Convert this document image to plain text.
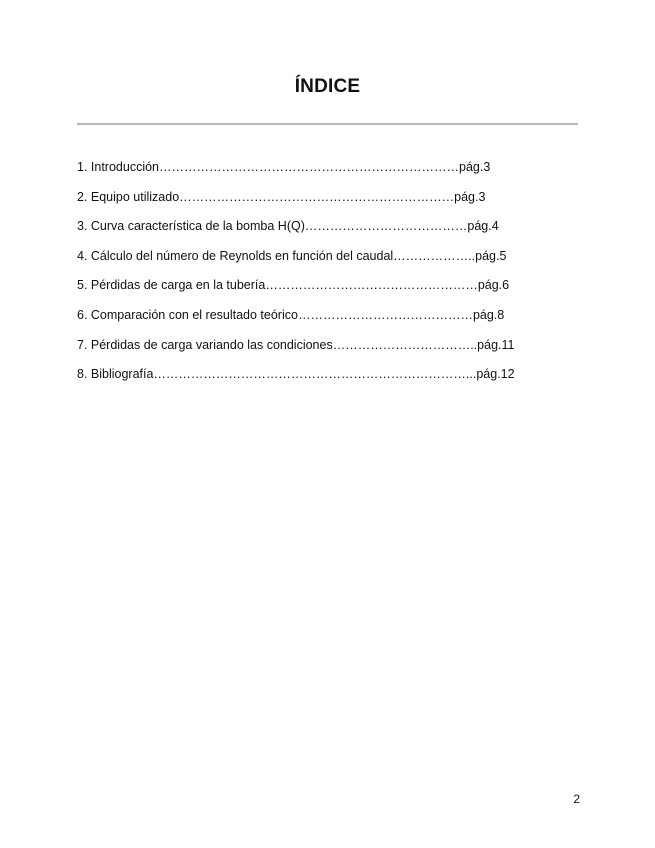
ÍNDICE
1. Introducción………………………………………………………………pág.3
2. Equipo utilizado…………………………………………………………pág.3
3. Curva característica de la bomba H(Q)…………………………………pág.4
4. Cálculo del número de Reynolds en función del caudal………………..pág.5
5. Pérdidas de carga en la tubería……………………………………………pág.6
6. Comparación con el resultado teórico……………………………………pág.8
7. Pérdidas de carga variando las condiciones……………………………..pág.11
8. Bibliografía…………………………………………………………………...pág.12
2
